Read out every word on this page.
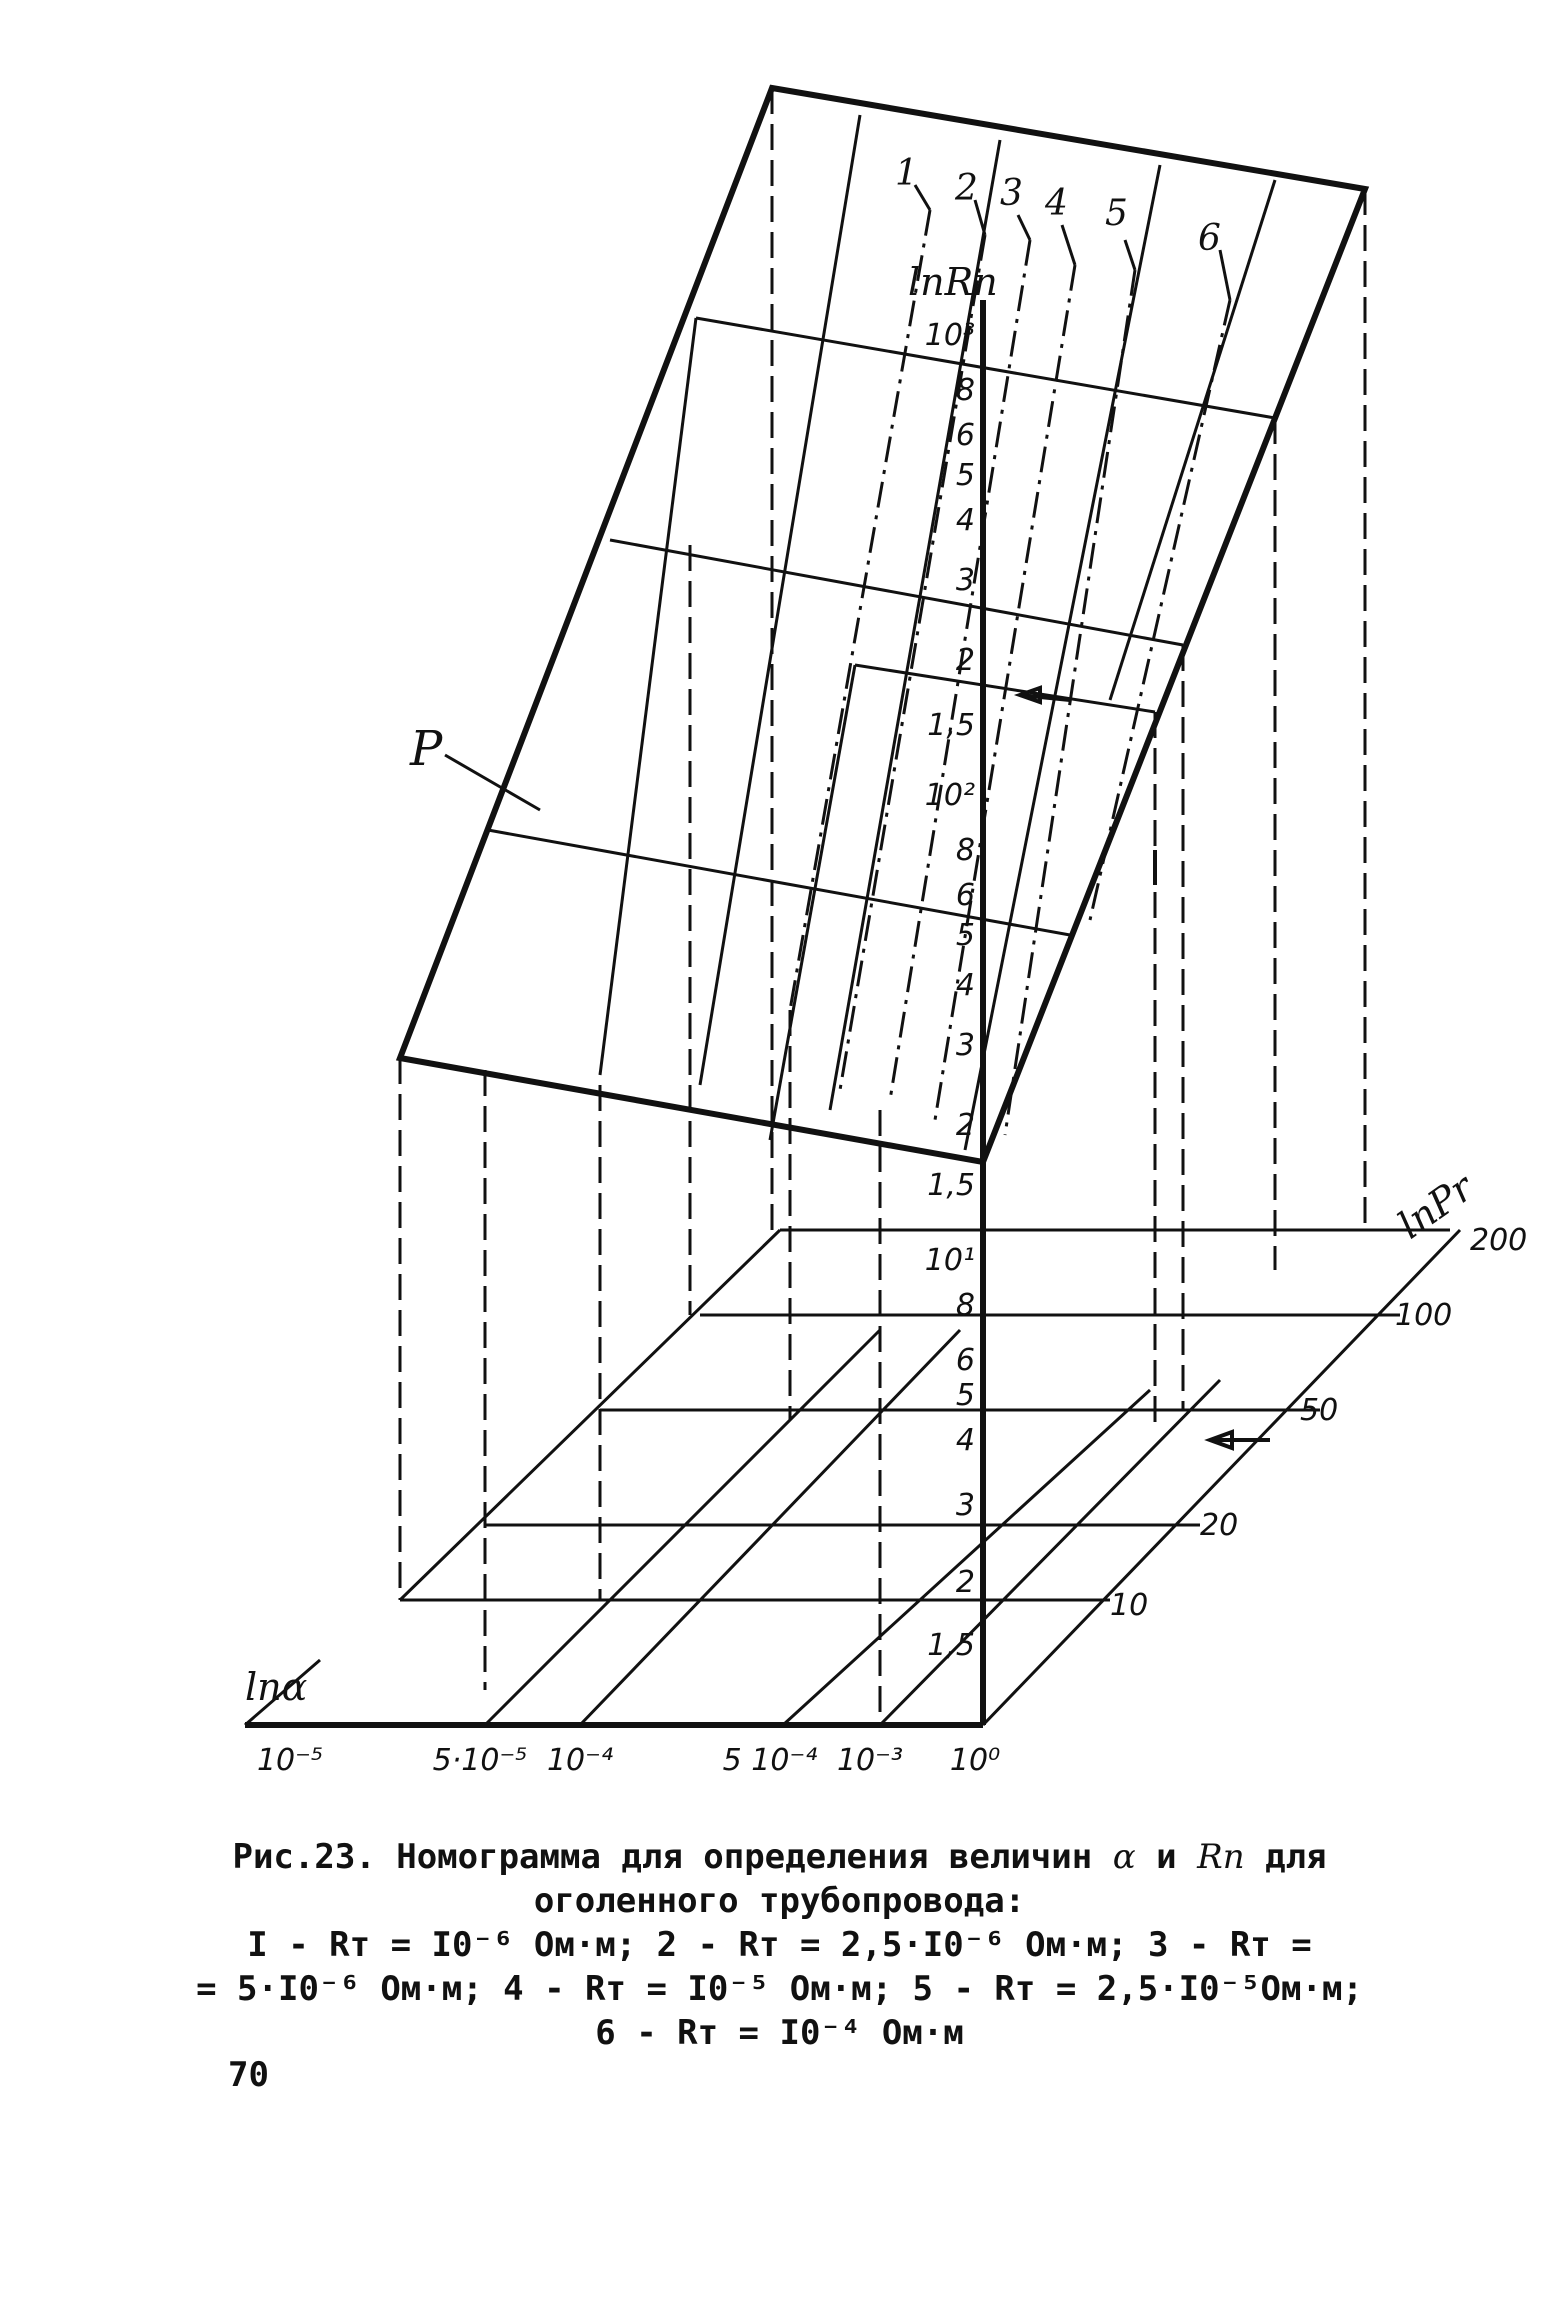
P
1 2 3 4 5
6
lnRп
lnα
lnPr
10³
8
6
5
4
3
2
1,5
10²
8
6
5
4
3
2
1,5
10¹
8
6
5
4
3
2
1,5
10⁻⁵	5·10⁻⁵ 10⁻⁴	5 10⁻⁴ 10⁻³ 10⁰
10
20
50
100
200
Рис.23. Номограмма для определения величин α и Rп для
оголенного трубопровода:
I - Rт = I0⁻⁶ Ом·м; 2 - Rт = 2,5·I0⁻⁶ Ом·м; 3 - Rт =
= 5·I0⁻⁶ Ом·м; 4 - Rт = I0⁻⁵ Ом·м; 5 - Rт = 2,5·I0⁻⁵Ом·м;
6 - Rт = I0⁻⁴ Ом·м
70
